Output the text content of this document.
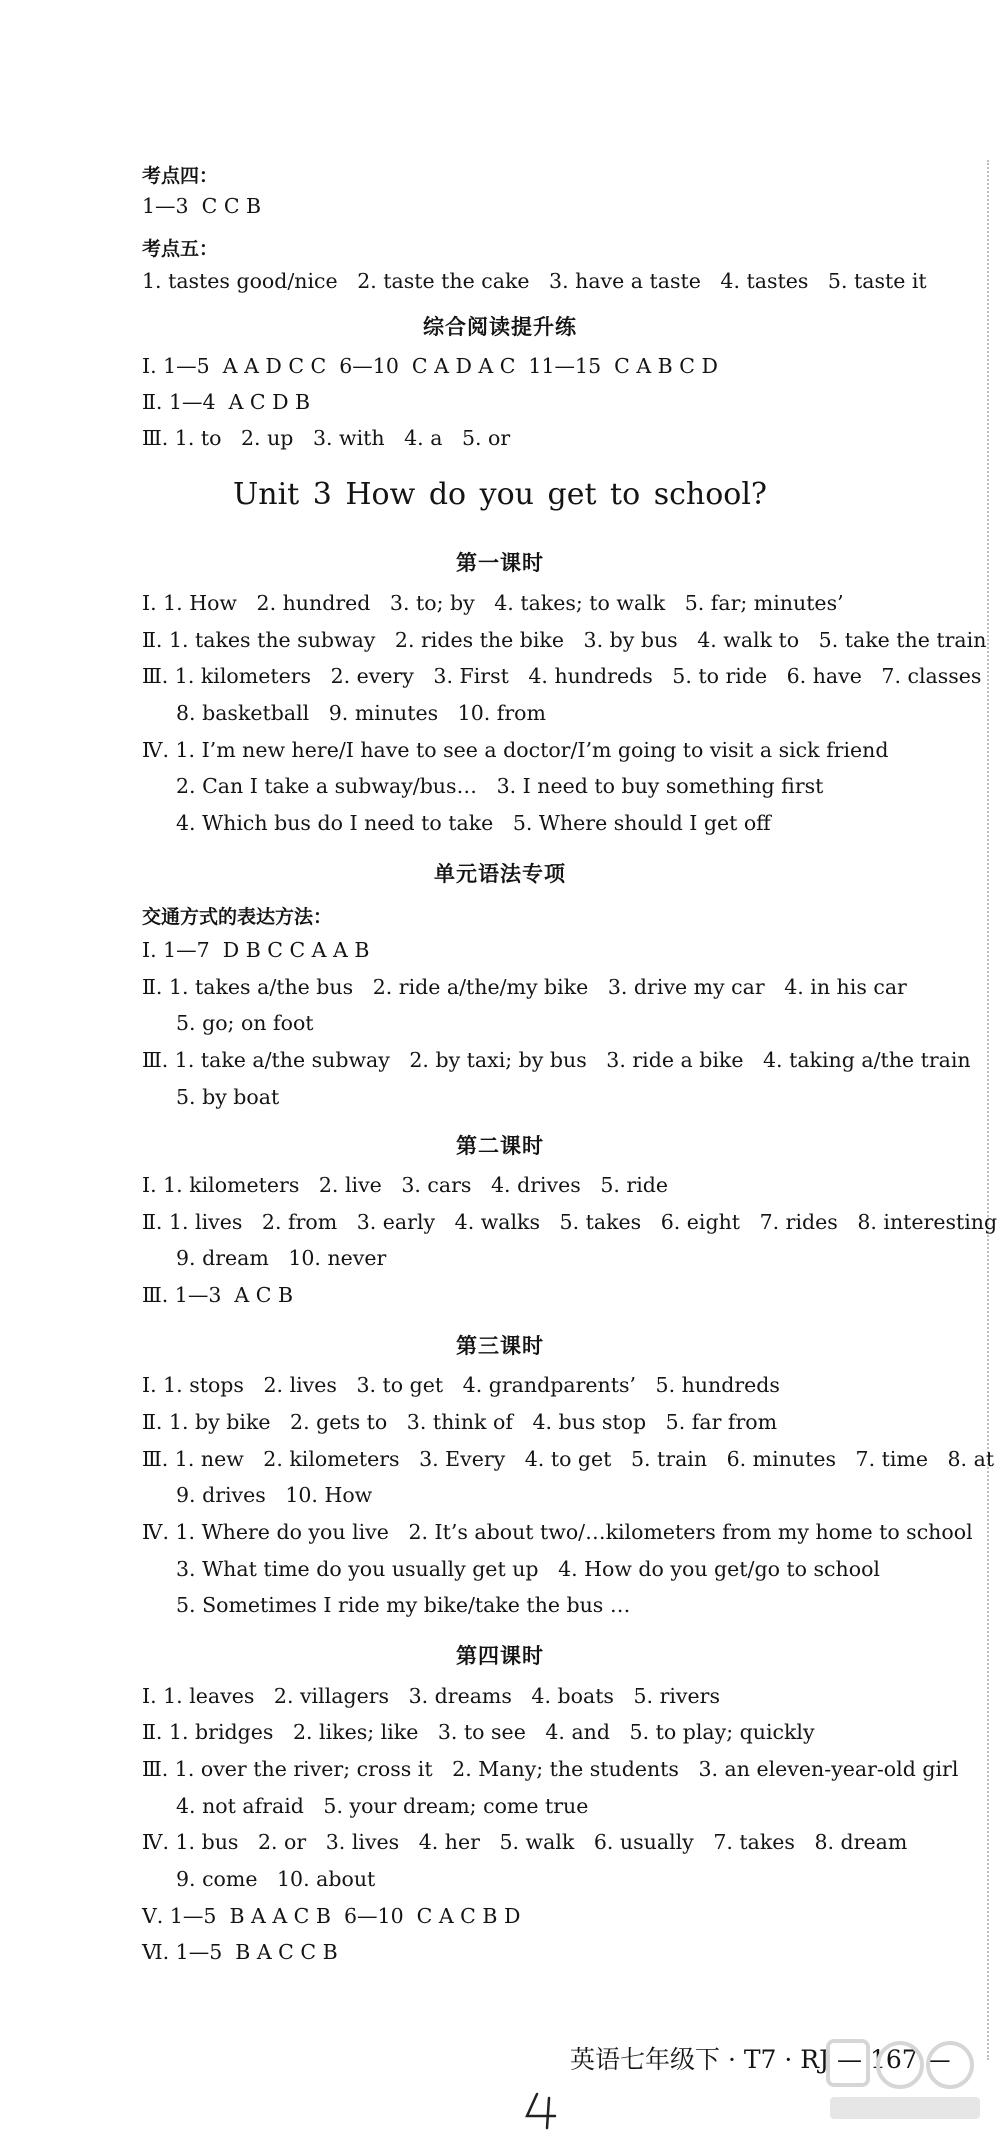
考点四：
1—3  C C B
考点五：
1. tastes good/nice   2. taste the cake   3. have a taste   4. tastes   5. taste it
综合阅读提升练
Ⅰ. 1—5  A A D C C  6—10  C A D A C  11—15  C A B C D
Ⅱ. 1—4  A C D B
Ⅲ. 1. to   2. up   3. with   4. a   5. or
Unit 3 How do you get to school?
第一课时
Ⅰ. 1. How   2. hundred   3. to; by   4. takes; to walk   5. far; minutes’
Ⅱ. 1. takes the subway   2. rides the bike   3. by bus   4. walk to   5. take the train
Ⅲ. 1. kilometers   2. every   3. First   4. hundreds   5. to ride   6. have   7. classes
8. basketball   9. minutes   10. from
Ⅳ. 1. I’m new here/I have to see a doctor/I’m going to visit a sick friend
2. Can I take a subway/bus…   3. I need to buy something first
4. Which bus do I need to take   5. Where should I get off
单元语法专项
交通方式的表达方法：
Ⅰ. 1—7  D B C C A A B
Ⅱ. 1. takes a/the bus   2. ride a/the/my bike   3. drive my car   4. in his car
5. go; on foot
Ⅲ. 1. take a/the subway   2. by taxi; by bus   3. ride a bike   4. taking a/the train
5. by boat
第二课时
Ⅰ. 1. kilometers   2. live   3. cars   4. drives   5. ride
Ⅱ. 1. lives   2. from   3. early   4. walks   5. takes   6. eight   7. rides   8. interesting
9. dream   10. never
Ⅲ. 1—3  A C B
第三课时
Ⅰ. 1. stops   2. lives   3. to get   4. grandparents’   5. hundreds
Ⅱ. 1. by bike   2. gets to   3. think of   4. bus stop   5. far from
Ⅲ. 1. new   2. kilometers   3. Every   4. to get   5. train   6. minutes   7. time   8. at
9. drives   10. How
Ⅳ. 1. Where do you live   2. It’s about two/…kilometers from my home to school
3. What time do you usually get up   4. How do you get/go to school
5. Sometimes I ride my bike/take the bus …
第四课时
Ⅰ. 1. leaves   2. villagers   3. dreams   4. boats   5. rivers
Ⅱ. 1. bridges   2. likes; like   3. to see   4. and   5. to play; quickly
Ⅲ. 1. over the river; cross it   2. Many; the students   3. an eleven-year-old girl
4. not afraid   5. your dream; come true
Ⅳ. 1. bus   2. or   3. lives   4. her   5. walk   6. usually   7. takes   8. dream
9. come   10. about
Ⅴ. 1—5  B A A C B  6—10  C A C B D
Ⅵ. 1—5  B A C C B
英语七年级下 · T7 · RJ — 167 —
